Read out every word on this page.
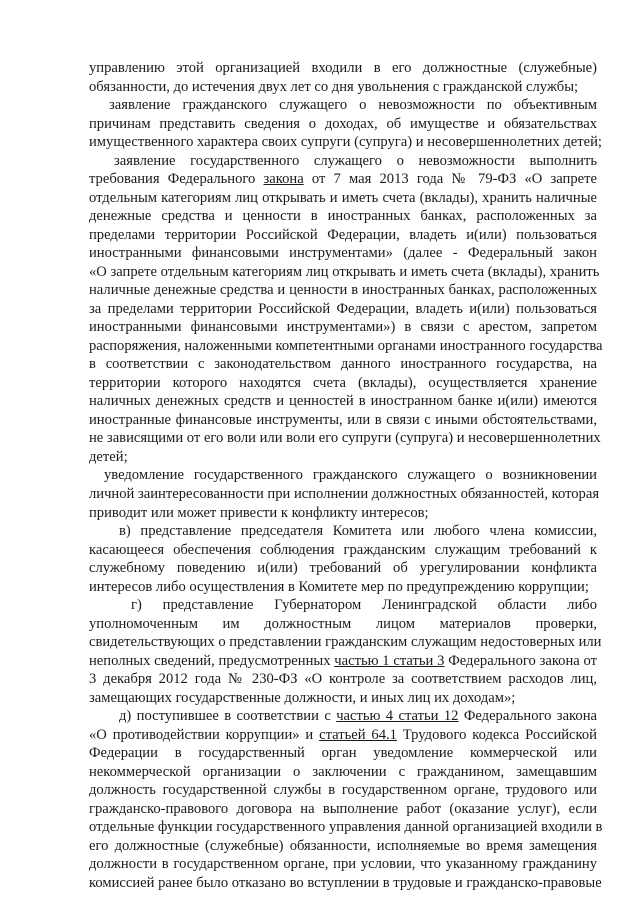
управлению этой организацией входили в его должностные (служебные)
обязанности, до истечения двух лет со дня увольнения с гражданской службы;
заявление гражданского служащего о невозможности по объективным
причинам представить сведения о доходах, об имуществе и обязательствах
имущественного характера своих супруги (супруга) и несовершеннолетних детей;
заявление государственного служащего о невозможности выполнить
требования Федерального закона от 7 мая 2013 года № 79-ФЗ «О запрете
отдельным категориям лиц открывать и иметь счета (вклады), хранить наличные
денежные средства и ценности в иностранных банках, расположенных за
пределами территории Российской Федерации, владеть и(или) пользоваться
иностранными финансовыми инструментами» (далее - Федеральный закон
«О запрете отдельным категориям лиц открывать и иметь счета (вклады), хранить
наличные денежные средства и ценности в иностранных банках, расположенных
за пределами территории Российской Федерации, владеть и(или) пользоваться
иностранными финансовыми инструментами») в связи с арестом, запретом
распоряжения, наложенными компетентными органами иностранного государства
в соответствии с законодательством данного иностранного государства, на
территории которого находятся счета (вклады), осуществляется хранение
наличных денежных средств и ценностей в иностранном банке и(или) имеются
иностранные финансовые инструменты, или в связи с иными обстоятельствами,
не зависящими от его воли или воли его супруги (супруга) и несовершеннолетних
детей;
уведомление государственного гражданского служащего о возникновении
личной заинтересованности при исполнении должностных обязанностей, которая
приводит или может привести к конфликту интересов;
в) представление председателя Комитета или любого члена комиссии,
касающееся обеспечения соблюдения гражданским служащим требований к
служебному поведению и(или) требований об урегулировании конфликта
интересов либо осуществления в Комитете мер по предупреждению коррупции;
г) представление Губернатором Ленинградской области либо
уполномоченным им должностным лицом материалов проверки,
свидетельствующих о представлении гражданским служащим недостоверных или
неполных сведений, предусмотренных частью 1 статьи 3 Федерального закона от
3 декабря 2012 года № 230-ФЗ «О контроле за соответствием расходов лиц,
замещающих государственные должности, и иных лиц их доходам»;
д) поступившее в соответствии с частью 4 статьи 12 Федерального закона
«О противодействии коррупции» и статьей 64.1 Трудового кодекса Российской
Федерации в государственный орган уведомление коммерческой или
некоммерческой организации о заключении с гражданином, замещавшим
должность государственной службы в государственном органе, трудового или
гражданско-правового договора на выполнение работ (оказание услуг), если
отдельные функции государственного управления данной организацией входили в
его должностные (служебные) обязанности, исполняемые во время замещения
должности в государственном органе, при условии, что указанному гражданину
комиссией ранее было отказано во вступлении в трудовые и гражданско-правовые
